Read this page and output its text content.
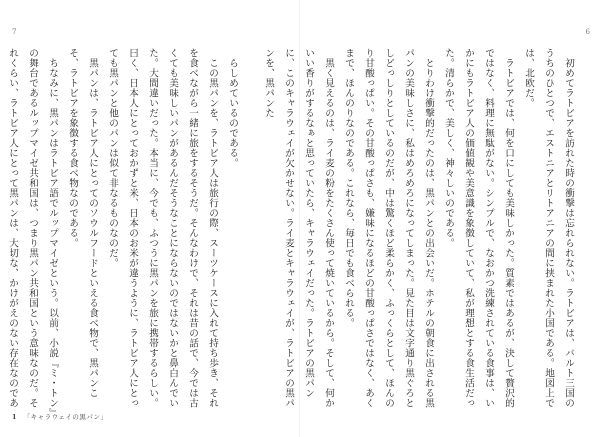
7

らしめているのである。

この黒パンを、ラトビア人は旅行の際、スーツケースに入れて持ち歩き、それを食べながら一緒に旅をするそうだ。そんなわけで、それは昔の話で、今では古くても美味しいパンがあるんだそうなことにならないのではないかと鼻白んでいた。大間違いだった。本当に、今でも、ふつうに黒パンを旅に携帯するらしい。曰く、日本人にとっておかずと米、日本のお米が違うように、ラトビア人にとっても黒パンと他のパンは似て非なるものなのだ。

黒パンは、ラトビア人にとってのソウルフードといえる食べ物で、黒パンこそ、ラトビアを象徴する食べ物なのである。

ちなみに、黒パンはラトビア語でルップマイゼという。以前、小説『ミ・トン』の舞台であるルップマイゼ共和国は、つまり黒パン共和国という意味なのだ。それくらい、ラトビア人にとって黒パンは、大切な、かけがえのない存在なのであ

1 「キャラウェイの黒パン」
6

初めてラトビアを訪れた時の衝撃は忘れられない。ラトビアは、バルト三国のうちのひとつで、エストニアとリトアニアの間に挟まれた小国である。地図上では、北欧だ。

ラトビアでは、何を口にしても美味しかった。質素ではあるが、決して贅沢的ではなく、料理に無駄がない。シンプルで、なおかつ洗練されている食事は、いかにもラトビア人の価値観や美意識を象徴していて、私が理想とする食生活だった。清らかで、美しく、神々しいのである。

とりわけ衝撃的だったのは、黒パンとの出会いだ。ホテルの朝食に出される黒パンの美味しさに、私はめろめろになってしまった。見た目は文字通り黒ぐろとしどっしりとしているのだが、中は驚くほど柔らかく、ふっくらとして、ほんのり甘酸っぱい。その甘酸っぱさも、嫌味になるほどの甘酸っぱさではなく、あくまで、ほんのりなのである。これなら、毎日でも食べられる。

黒く見えるのは、ライ麦の粉をたくさん使って焼いているから。そして、何かいい香りがするなぁと思っていたら、キャラウェイだった。ラトビアの黒パンに、このキャラウェイが欠かせない。ライ麦とキャラウェイが、ラトビアの黒パンを、黒パンた
